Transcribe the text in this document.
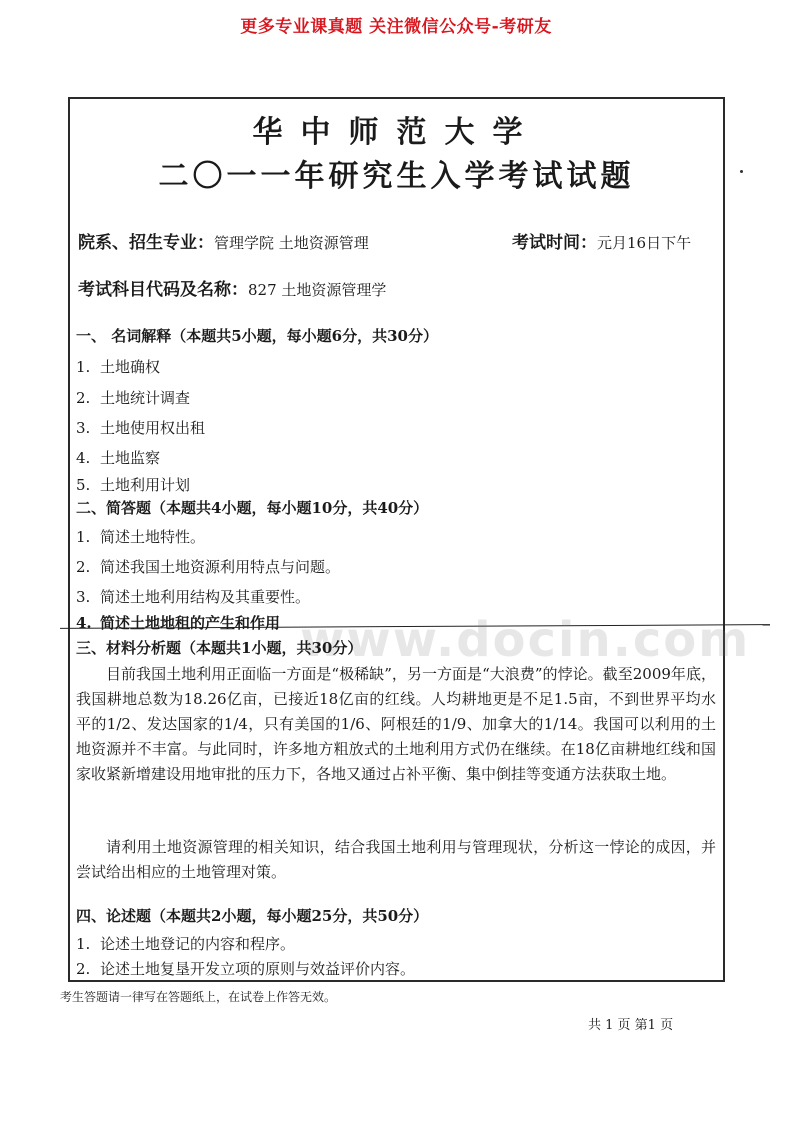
更多专业课真题 关注微信公众号-考研友
华中师范大学
二〇一一年研究生入学考试试题
院系、招生专业：管理学院 土地资源管理	考试时间：元月16日下午
考试科目代码及名称：827 土地资源管理学
一、 名词解释（本题共5小题，每小题6分，共30分）
1. 土地确权
2. 土地统计调查
3. 土地使用权出租
4. 土地监察
5. 土地利用计划
二、简答题（本题共4小题，每小题10分，共40分）
1. 简述土地特性。
2. 简述我国土地资源利用特点与问题。
3. 简述土地利用结构及其重要性。
4. 简述土地地租的产生和作用 www.docin.com
三、材料分析题（本题共1小题，共30分）

目前我国土地利用正面临一方面是“极稀缺”，另一方面是“大浪费”的悖论。截至2009年底，我国耕地总数为18.26亿亩，已接近18亿亩的红线。人均耕地更是不足1.5亩，不到世界平均水平的1/2、发达国家的1/4，只有美国的1/6、阿根廷的1/9、加拿大的1/14。我国可以利用的土地资源并不丰富。与此同时，许多地方粗放式的土地利用方式仍在继续。在18亿亩耕地红线和国家收紧新增建设用地审批的压力下，各地又通过占补平衡、集中倒挂等变通方法获取土地。

请利用土地资源管理的相关知识，结合我国土地利用与管理现状，分析这一悖论的成因，并尝试给出相应的土地管理对策。

四、论述题（本题共2小题，每小题25分，共50分）
1. 论述土地登记的内容和程序。
2. 论述土地复垦开发立项的原则与效益评价内容。
考生答题请一律写在答题纸上，在试卷上作答无效。
共 1 页 第1 页
